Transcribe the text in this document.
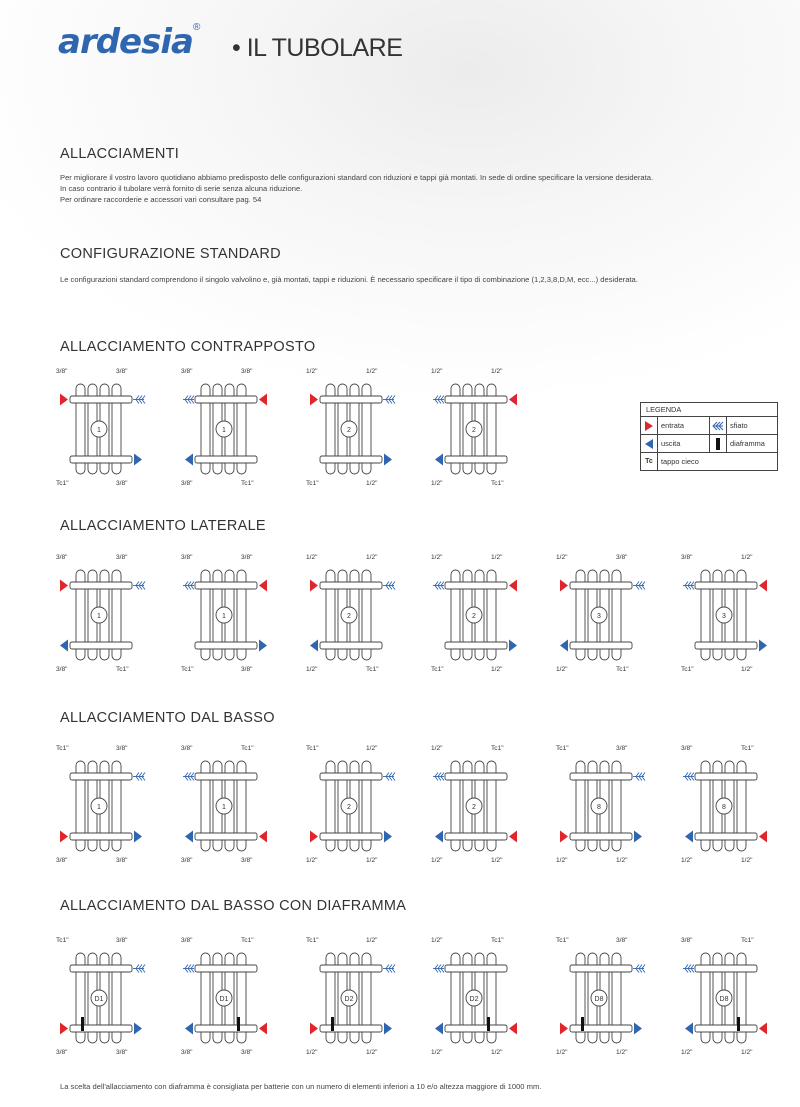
ardesia®
• IL TUBOLARE
ALLACCIAMENTI
Per migliorare il vostro lavoro quotidiano abbiamo predisposto delle configurazioni standard con riduzioni e tappi già montati. In sede di ordine specificare la versione desiderata.
In caso contrario il tubolare verrà fornito di serie senza alcuna riduzione.
Per ordinare raccorderie e accessori vari consultare pag. 54
CONFIGURAZIONE STANDARD
Le configurazioni standard comprendono il singolo valvolino e, già montati, tappi e riduzioni. È necessario specificare il tipo di combinazione (1,2,3,8,D,M, ecc...) desiderata.
ALLACCIAMENTO CONTRAPPOSTO
ALLACCIAMENTO LATERALE
ALLACCIAMENTO DAL BASSO
ALLACCIAMENTO DAL BASSO CON DIAFRAMMA
1
3/8"	3/8"
Tc1"	3/8"
1
3/8"	3/8"
3/8"	Tc1"
2
1/2"	1/2"
Tc1"	1/2"
2
1/2"	1/2"
1/2"	Tc1"
1
3/8"	3/8"
3/8"	Tc1"
1
3/8"	3/8"
Tc1"	3/8"
2
1/2"	1/2"
1/2"	Tc1"
2
1/2"	1/2"
Tc1"	1/2"
3
1/2"	3/8"
1/2"	Tc1"
3
3/8"	1/2"
Tc1"	1/2"
1
Tc1"	3/8"
3/8"	3/8"
1
3/8"	Tc1"
3/8"	3/8"
2
Tc1"	1/2"
1/2"	1/2"
2
1/2"	Tc1"
1/2"	1/2"
8
Tc1"	3/8"
1/2"	1/2"
8
3/8"	Tc1"
1/2"	1/2"
D1
Tc1"	3/8"
3/8"	3/8"
D1
3/8"	Tc1"
3/8"	3/8"
D2
Tc1"	1/2"
1/2"	1/2"
D2
1/2"	Tc1"
1/2"	1/2"
D8
Tc1"	3/8"
1/2"	1/2"
D8
3/8"	Tc1"
1/2"	1/2"
LEGENDA
entrata	sfiato
uscita	diaframma
Tc	tappo cieco
La scelta dell'allacciamento con diaframma è consigliata per batterie con un numero di elementi inferiori a 10 e/o altezza maggiore di 1000 mm.
